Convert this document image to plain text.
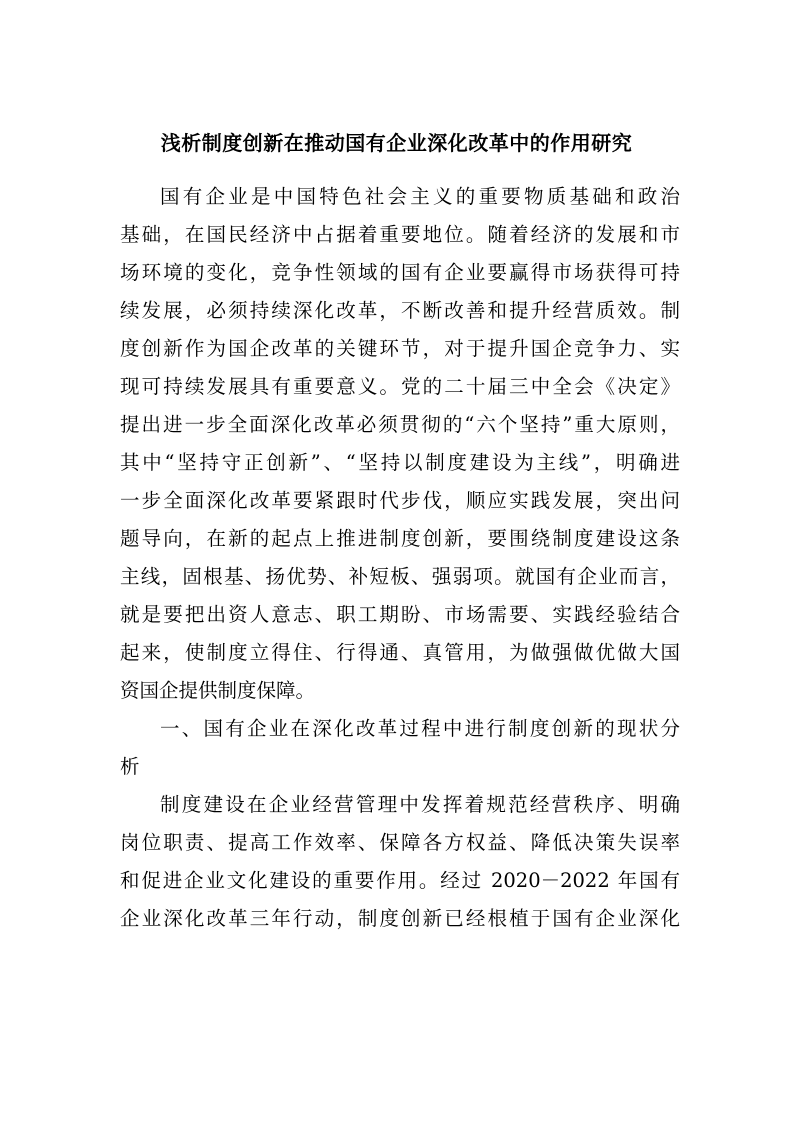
浅析制度创新在推动国有企业深化改革中的作用研究
国有企业是中国特色社会主义的重要物质基础和政治
基础，在国民经济中占据着重要地位。随着经济的发展和市
场环境的变化，竞争性领域的国有企业要赢得市场获得可持
续发展，必须持续深化改革，不断改善和提升经营质效。制
度创新作为国企改革的关键环节，对于提升国企竞争力、实
现可持续发展具有重要意义。党的二十届三中全会《决定》
提出进一步全面深化改革必须贯彻的“六个坚持”重大原则，
其中“坚持守正创新”、“坚持以制度建设为主线”，明确进
一步全面深化改革要紧跟时代步伐，顺应实践发展，突出问
题导向，在新的起点上推进制度创新，要围绕制度建设这条
主线，固根基、扬优势、补短板、强弱项。就国有企业而言，
就是要把出资人意志、职工期盼、市场需要、实践经验结合
起来，使制度立得住、行得通、真管用，为做强做优做大国
资国企提供制度保障。
一、国有企业在深化改革过程中进行制度创新的现状分
析
制度建设在企业经营管理中发挥着规范经营秩序、明确
岗位职责、提高工作效率、保障各方权益、降低决策失误率
和促进企业文化建设的重要作用。经过 2020－2022 年国有
企业深化改革三年行动，制度创新已经根植于国有企业深化
